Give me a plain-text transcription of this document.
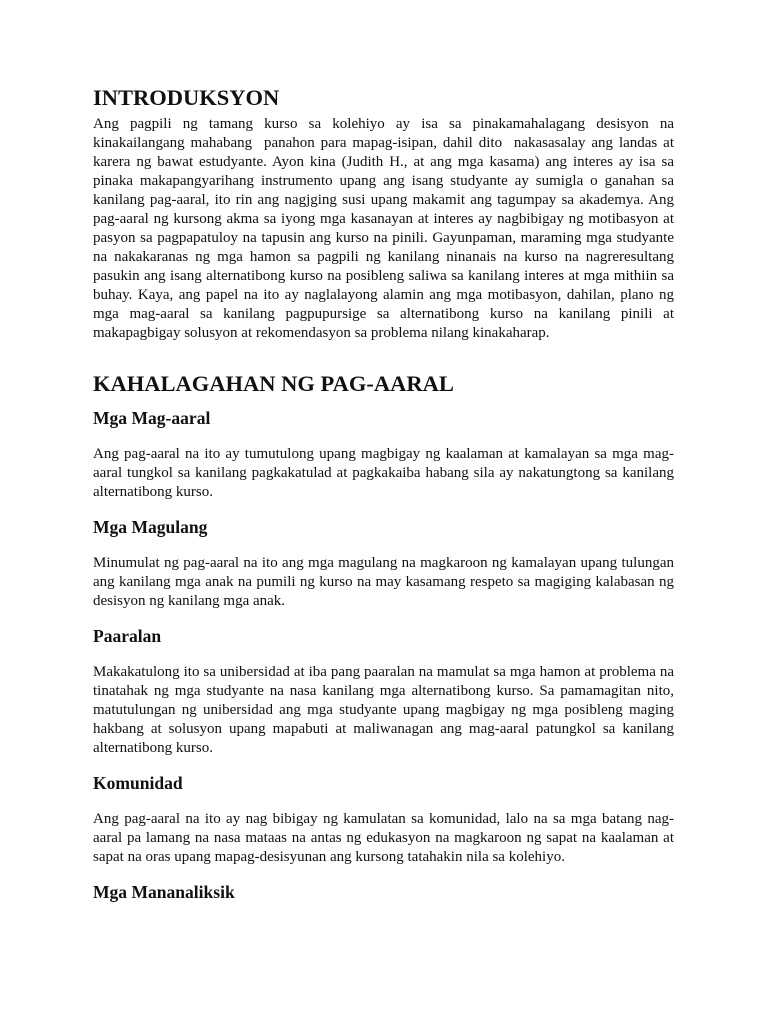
INTRODUKSYON

Ang pagpili ng tamang kurso sa kolehiyo ay isa sa pinakamahalagang desisyon na kinakailangang mahabang  panahon para mapag-isipan, dahil dito  nakasasalay ang landas at karera ng bawat estudyante. Ayon kina (Judith H., at ang mga kasama) ang interes ay isa sa pinaka makapangyarihang instrumento upang ang isang studyante ay sumigla o ganahan sa kanilang pag-aaral, ito rin ang nagjging susi upang makamit ang tagumpay sa akademya. Ang pag-aaral ng kursong akma sa iyong mga kasanayan at interes ay nagbibigay ng motibasyon at pasyon sa pagpapatuloy na tapusin ang kurso na pinili. Gayunpaman, maraming mga studyante na nakakaranas ng mga hamon sa pagpili ng kanilang ninanais na kurso na nagreresultang pasukin ang isang alternatibong kurso na posibleng saliwa sa kanilang interes at mga mithiin sa buhay. Kaya, ang papel na ito ay naglalayong alamin ang mga motibasyon, dahilan, plano ng mga mag-aaral sa kanilang pagpupursige sa alternatibong kurso na kanilang pinili at makapagbigay solusyon at rekomendasyon sa problema nilang kinakaharap.

KAHALAGAHAN NG PAG-AARAL
Mga Mag-aaral

Ang pag-aaral na ito ay tumutulong upang magbigay ng kaalaman at kamalayan sa mga mag-aaral tungkol sa kanilang pagkakatulad at pagkakaiba habang sila ay nakatungtong sa kanilang alternatibong kurso.

Mga Magulang

Minumulat ng pag-aaral na ito ang mga magulang na magkaroon ng kamalayan upang tulungan ang kanilang mga anak na pumili ng kurso na may kasamang respeto sa magiging kalabasan ng desisyon ng kanilang mga anak.

Paaralan

Makakatulong ito sa unibersidad at iba pang paaralan na mamulat sa mga hamon at problema na tinatahak ng mga studyante na nasa kanilang mga alternatibong kurso. Sa pamamagitan nito,  matutulungan ng unibersidad ang mga studyante upang magbigay ng mga posibleng maging hakbang at solusyon upang mapabuti at maliwanagan ang mag-aaral patungkol sa kanilang alternatibong kurso.

Komunidad

Ang pag-aaral na ito ay nag bibigay ng kamulatan sa komunidad, lalo na sa mga batang nag-aaral pa lamang na nasa mataas na antas ng edukasyon na magkaroon ng sapat na kaalaman at sapat na oras upang mapag-desisyunan ang kursong tatahakin nila sa kolehiyo.

Mga Mananaliksik
